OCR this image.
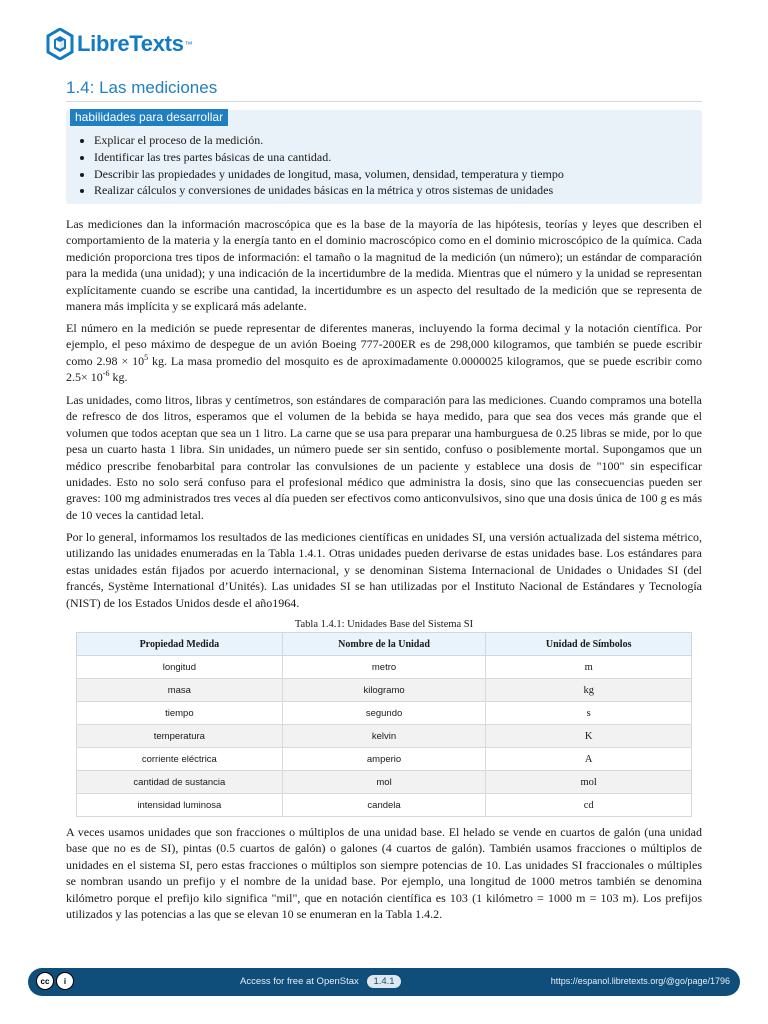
LibreTexts ™
1.4: Las mediciones
habilidades para desarrollar
• Explicar el proceso de la medición.
• Identificar las tres partes básicas de una cantidad.
• Describir las propiedades y unidades de longitud, masa, volumen, densidad, temperatura y tiempo
• Realizar cálculos y conversiones de unidades básicas en la métrica y otros sistemas de unidades

Las mediciones dan la información macroscópica que es la base de la mayoría de las hipótesis, teorías y leyes que describen el comportamiento de la materia y la energía tanto en el dominio macroscópico como en el dominio microscópico de la química. Cada medición proporciona tres tipos de información: el tamaño o la magnitud de la medición (un número); un estándar de comparación para la medida (una unidad); y una indicación de la incertidumbre de la medida. Mientras que el número y la unidad se representan explícitamente cuando se escribe una cantidad, la incertidumbre es un aspecto del resultado de la medición que se representa de manera más implícita y se explicará más adelante.

El número en la medición se puede representar de diferentes maneras, incluyendo la forma decimal y la notación científica. Por ejemplo, el peso máximo de despegue de un avión Boeing 777-200ER es de 298,000 kilogramos, que también se puede escribir como $2.98 \times 10^5$ kg. La masa promedio del mosquito es de aproximadamente 0.0000025 kilogramos, que se puede escribir como $2.5\times 10^{-6}$ kg.

Las unidades, como litros, libras y centímetros, son estándares de comparación para las mediciones. Cuando compramos una botella de refresco de dos litros, esperamos que el volumen de la bebida se haya medido, para que sea dos veces más grande que el volumen que todos aceptan que sea un 1 litro. La carne que se usa para preparar una hamburguesa de 0.25 libras se mide, por lo que pesa un cuarto hasta 1 libra. Sin unidades, un número puede ser sin sentido, confuso o posiblemente mortal. Supongamos que un médico prescribe fenobarbital para controlar las convulsiones de un paciente y establece una dosis de "100" sin especificar unidades. Esto no solo será confuso para el profesional médico que administra la dosis, sino que las consecuencias pueden ser graves: 100 mg administrados tres veces al día pueden ser efectivos como anticonvulsivos, sino que una dosis única de 100 g es más de 10 veces la cantidad letal.

Por lo general, informamos los resultados de las mediciones científicas en unidades SI, una versión actualizada del sistema métrico, utilizando las unidades enumeradas en la Tabla 1.4.1. Otras unidades pueden derivarse de estas unidades base. Los estándares para estas unidades están fijados por acuerdo internacional, y se denominan Sistema Internacional de Unidades o Unidades SI (del francés, Système International d’Unités). Las unidades SI se han utilizadas por el Instituto Nacional de Estándares y Tecnología (NIST) de los Estados Unidos desde el año1964.

Tabla 1.4.1: Unidades Base del Sistema SI

Propiedad Medida	Nombre de la Unidad	Unidad de Símbolos
longitud	metro	m
masa	kilogramo	kg
tiempo	segundo	s
temperatura	kelvin	K
corriente eléctrica	amperio	A
cantidad de sustancia	mol	mol
intensidad luminosa	candela	cd

A veces usamos unidades que son fracciones o múltiplos de una unidad base. El helado se vende en cuartos de galón (una unidad base que no es de SI), pintas (0.5 cuartos de galón) o galones (4 cuartos de galón). También usamos fracciones o múltiplos de unidades en el sistema SI, pero estas fracciones o múltiplos son siempre potencias de 10. Las unidades SI fraccionales o múltiples se nombran usando un prefijo y el nombre de la unidad base. Por ejemplo, una longitud de 1000 metros también se denomina kilómetro porque el prefijo kilo significa "mil", que en notación científica es 103 (1 kilómetro = 1000 m = 103 m). Los prefijos utilizados y las potencias a las que se elevan 10 se enumeran en la Tabla 1.4.2.

cc	i	Access for free at OpenStax 1.4.1	https://espanol.libretexts.org/@go/page/1796
